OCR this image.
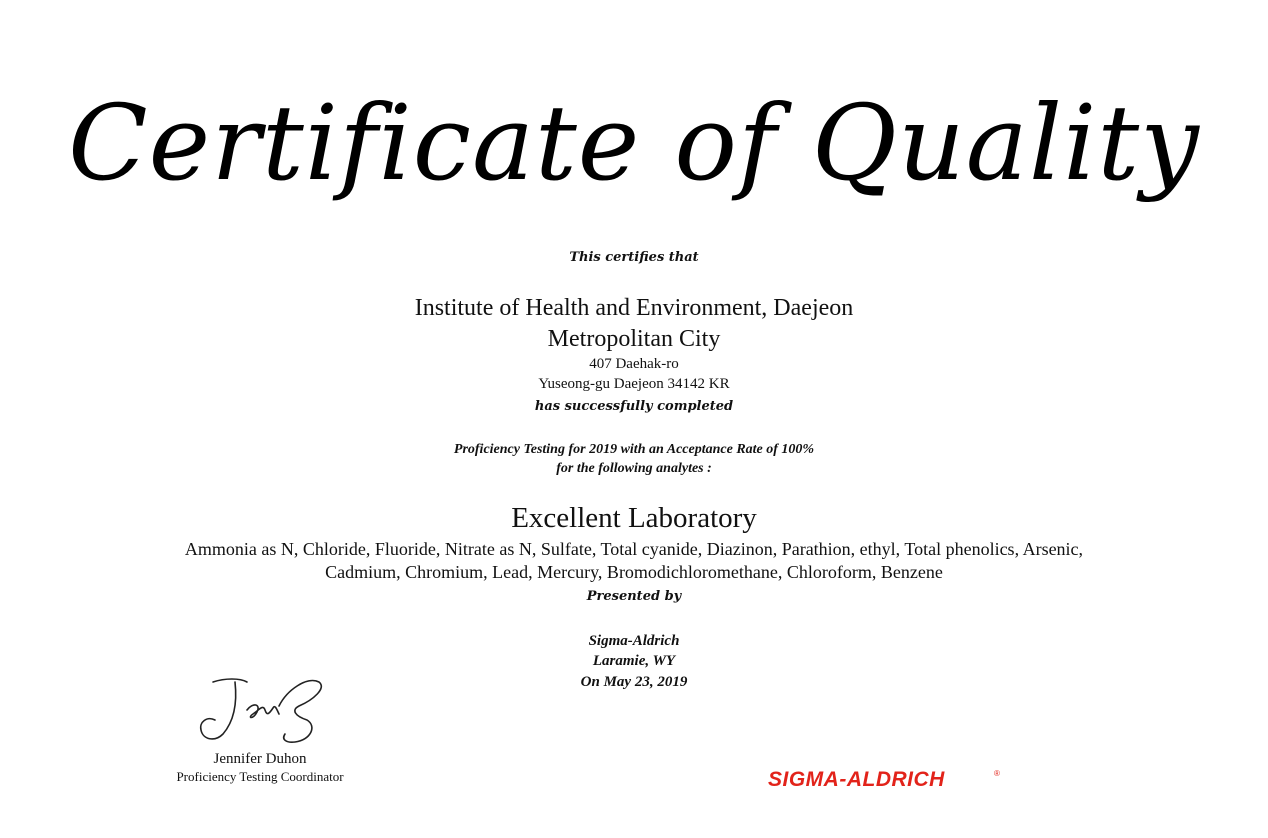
Certificate of Quality
This certifies that
Institute of Health and Environment, Daejeon
Metropolitan City
407 Daehak-ro
Yuseong-gu Daejeon 34142 KR
has successfully completed
Proficiency Testing for 2019 with an Acceptance Rate of 100%
for the following analytes :
Excellent Laboratory
Ammonia as N, Chloride, Fluoride, Nitrate as N, Sulfate, Total cyanide, Diazinon, Parathion, ethyl, Total phenolics, Arsenic,
Cadmium, Chromium, Lead, Mercury, Bromodichloromethane, Chloroform, Benzene
Presented by
Sigma-Aldrich
Laramie, WY
On May 23, 2019
Jennifer Duhon
Proficiency Testing Coordinator	SIGMA-ALDRICH	®
